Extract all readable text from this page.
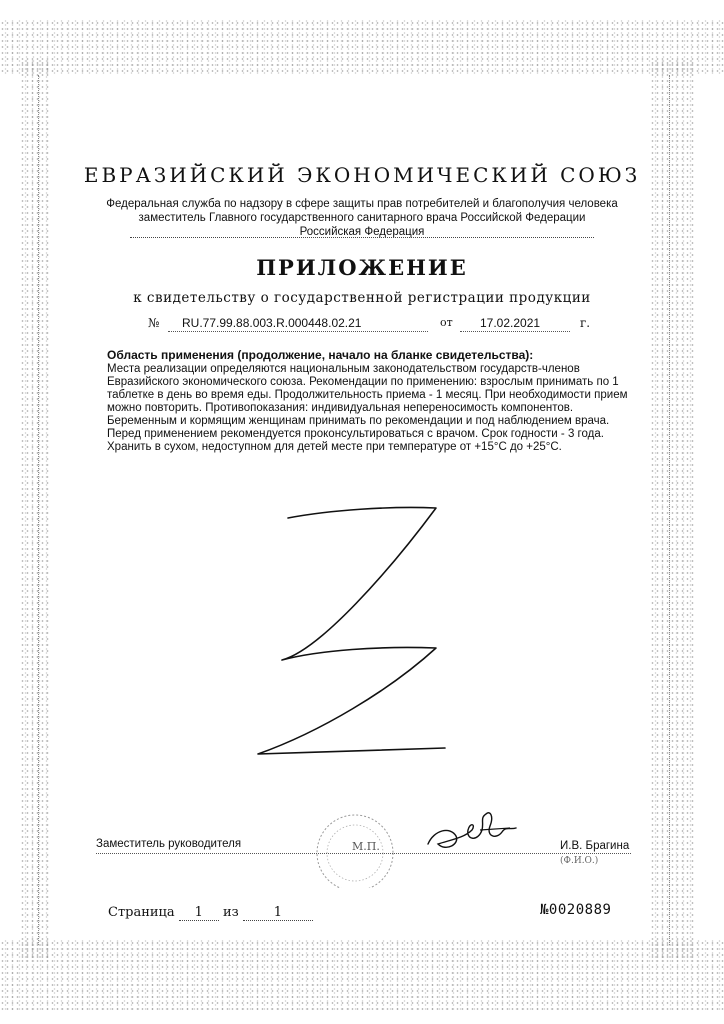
ЕВРАЗИЙСКИЙ ЭКОНОМИЧЕСКИЙ СОЮЗ
Федеральная служба по надзору в сфере защиты прав потребителей и благополучия человека
заместитель Главного государственного санитарного врача Российской Федерации
Российская Федерация
ПРИЛОЖЕНИЕ
к свидетельству о государственной регистрации продукции
№ RU.77.99.88.003.R.000448.02.21	от 17.02.2021	г.
Область применения (продолжение, начало на бланке свидетельства):
Места реализации определяются национальным законодательством государств-членов
Евразийского экономического союза. Рекомендации по применению: взрослым принимать по 1
таблетке в день во время еды. Продолжительность приема - 1 месяц. При необходимости прием
можно повторить. Противопоказания: индивидуальная непереносимость компонентов.
Беременным и кормящим женщинам принимать по рекомендации и под наблюдением врача.
Перед применением рекомендуется проконсультироваться с врачом. Срок годности - 3 года.
Хранить в сухом, недоступном для детей месте при температуре от +15°C до +25°C.
Заместитель руководителя	М.П.	И.В. Брагина
(Ф.И.О.)
Страница 1 из	1	№0020889
